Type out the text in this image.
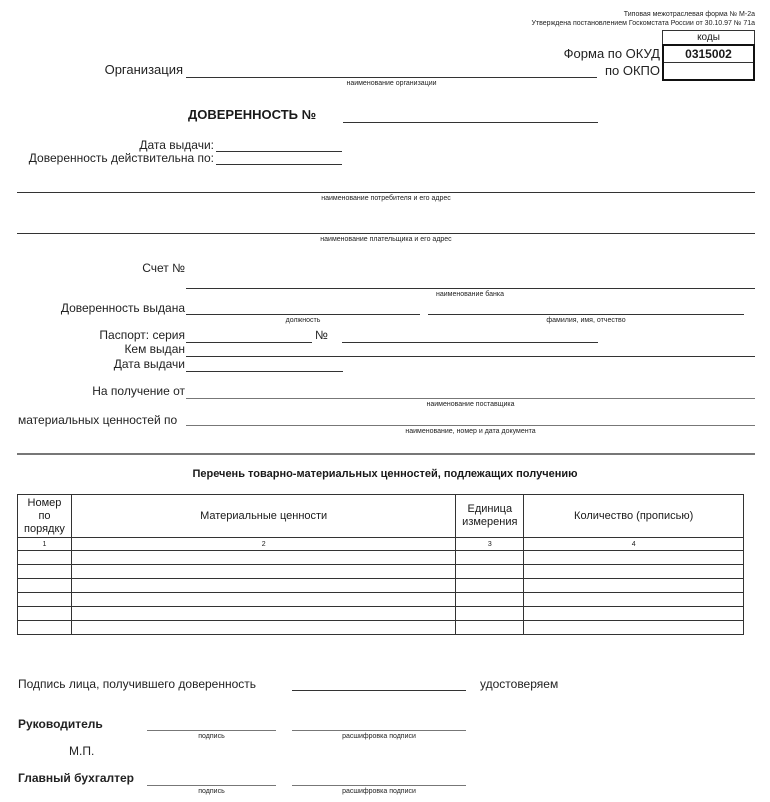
Типовая межотраслевая форма № М-2а
Утверждена постановлением Госкомстата России от 30.10.97 № 71а
коды
0315002
Форма по ОКУД
по ОКПО
Организация
наименование организации
ДОВЕРЕННОСТЬ №
Дата выдачи:
Доверенность действительна по:
наименование потребителя и его адрес
наименование плательщика и его адрес
Счет №
наименование банка
Доверенность выдана
должность	фамилия, имя, отчество
Паспорт: серия	№
Кем выдан
Дата выдачи
На получение от
наименование поставщика
материальных ценностей по
наименование, номер и дата документа
Перечень товарно-материальных ценностей, подлежащих получению
Номер по порядку	Материальные ценности	Единица измерения	Количество (прописью)
1	2	3	4

Подпись лица, получившего доверенность	удостоверяем
Руководитель
подпись	расшифровка подписи
М.П.
Главный бухгалтер
подпись	расшифровка подписи
